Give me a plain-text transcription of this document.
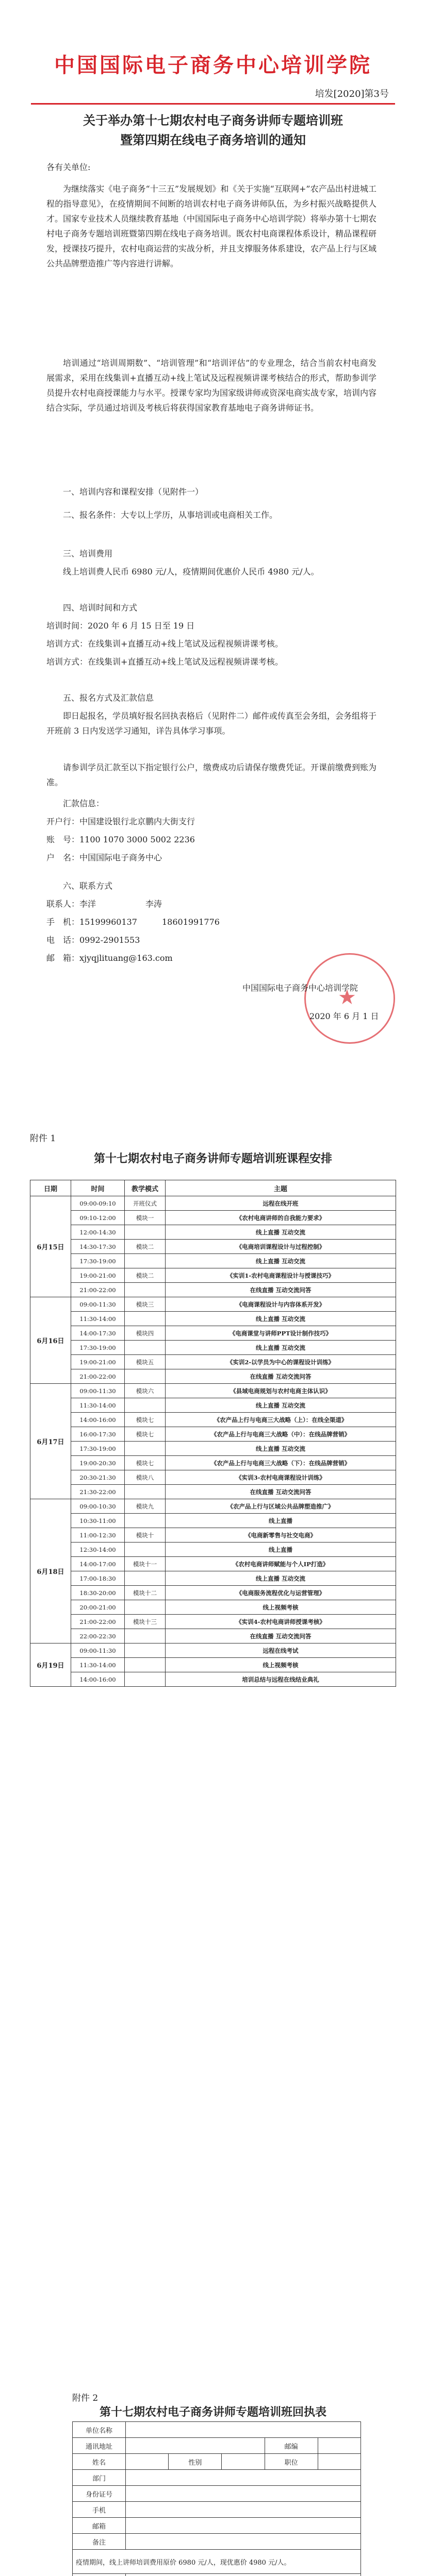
中国国际电子商务中心培训学院
培发[2020]第3号
关于举办第十七期农村电子商务讲师专题培训班
暨第四期在线电子商务培训的通知
各有关单位:
为继续落实《电子商务“十三五”发展规划》和《关于实施“互联网+”农产品出村进城工程的指导意见》，在疫情期间不间断的培训农村电子商务讲师队伍，为乡村振兴战略提供人才。国家专业技术人员继续教育基地（中国国际电子商务中心培训学院）将举办第十七期农村电子商务专题培训班暨第四期在线电子商务培训。既农村电商课程体系设计，精品课程研发，授课技巧提升，农村电商运营的实战分析，并且支撑服务体系建设，农产品上行与区域公共品牌塑造推广等内容进行讲解。
培训通过“培训周期数”、“培训管理”和“培训评估”的专业理念，结合当前农村电商发展需求，采用在线集训+直播互动+线上笔试及远程视频讲课考核结合的形式，帮助参训学员提升农村电商授课能力与水平。授课专家均为国家级讲师或资深电商实战专家，培训内容结合实际，学员通过培训及考核后将获得国家教育基地电子商务讲师证书。
一、培训内容和课程安排（见附件一）
二、报名条件：大专以上学历，从事培训或电商相关工作。
三、培训费用
线上培训费人民币 6980 元/人，疫情期间优惠价人民币 4980 元/人。
四、培训时间和方式
培训时间：2020 年 6 月 15 日至 19 日
培训方式：在线集训+直播互动+线上笔试及远程视频讲课考核。
培训方式：在线集训+直播互动+线上笔试及远程视频讲课考核。
五、报名方式及汇款信息
即日起报名，学员填好报名回执表格后（见附件二）邮件或传真至会务组，会务组将于开班前 3 日内发送学习通知，详告具体学习事项。
请参训学员汇款至以下指定银行公户，缴费成功后请保存缴费凭证。开课前缴费到账为准。
汇款信息：
开户行：中国建设银行北京鹏内大街支行
账　号：1100 1070 3000 5002 2236
户　名：中国国际电子商务中心
六、联系方式
联系人：李洋　　　　　　李涛
手　机：15199960137　　　18601991776
电　话：0992-2901553
邮　箱：xjyqjlituang@163.com
★
中国国际电子商务中心培训学院
2020 年 6 月 1 日
附件 1
第十七期农村电子商务讲师专题培训班课程安排
日期	时间	教学模式	主题
6月15日	09:00-09:10	开班仪式	远程在线开班
	09:10-12:00	模块一	《农村电商讲师的自我能力要求》
	12:00-14:30		线上直播 互动交流
	14:30-17:30	模块二	《电商培训课程设计与过程控制》
	17:30-19:00		线上直播 互动交流
	19:00-21:00	模块二	《实训1-农村电商课程设计与授课技巧》
	21:00-22:00		在线直播 互动交流问答
6月16日	09:00-11:30	模块三	《电商课程设计与内容体系开发》
	11:30-14:00		线上直播 互动交流
	14:00-17:30	模块四	《电商课堂与讲师PPT设计制作技巧》
	17:30-19:00		线上直播 互动交流
	19:00-21:00	模块五	《实训2-以学员为中心的课程设计训练》
	21:00-22:00		在线直播 互动交流问答
6月17日	09:00-11:30	模块六	《县域电商规划与农村电商主体认识》
	11:30-14:00		线上直播 互动交流
	14:00-16:00	模块七	《农产品上行与电商三大战略（上）：在线全渠道》
	16:00-17:30	模块七	《农产品上行与电商三大战略（中）：在线品牌营销》
	17:30-19:00		线上直播 互动交流
	19:00-20:30	模块七	《农产品上行与电商三大战略（下）：在线品牌营销》
	20:30-21:30	模块八	《实训3-农村电商课程设计训练》
	21:30-22:00		在线直播 互动交流问答
6月18日	09:00-10:30	模块九	《农产品上行与区域公共品牌塑造推广》
	10:30-11:00		线上直播
	11:00-12:30	模块十	《电商新零售与社交电商》
	12:30-14:00		线上直播
	14:00-17:00	模块十一	《农村电商讲师赋能与个人IP打造》
	17:00-18:30		线上直播 互动交流
	18:30-20:00	模块十二	《电商服务流程优化与运营管理》
	20:00-21:00		线上视频考核
	21:00-22:00	模块十三	《实训4-农村电商讲师授课考核》
	22:00-22:30		在线直播 互动交流问答
6月19日	09:00-11:30		远程在线考试
	11:30-14:00		线上视频考核
	14:00-16:00		培训总结与远程在线结业典礼
附件 2
第十七期农村电子商务讲师专题培训班回执表
单位名称					
通讯地址				邮编	
姓名		性别		职位	
部门					
身份证号					
手机					
邮箱					
备注					
疫情期间，线上讲师培训费用原价 6980 元/人，现优惠价 4980 元/人。					
